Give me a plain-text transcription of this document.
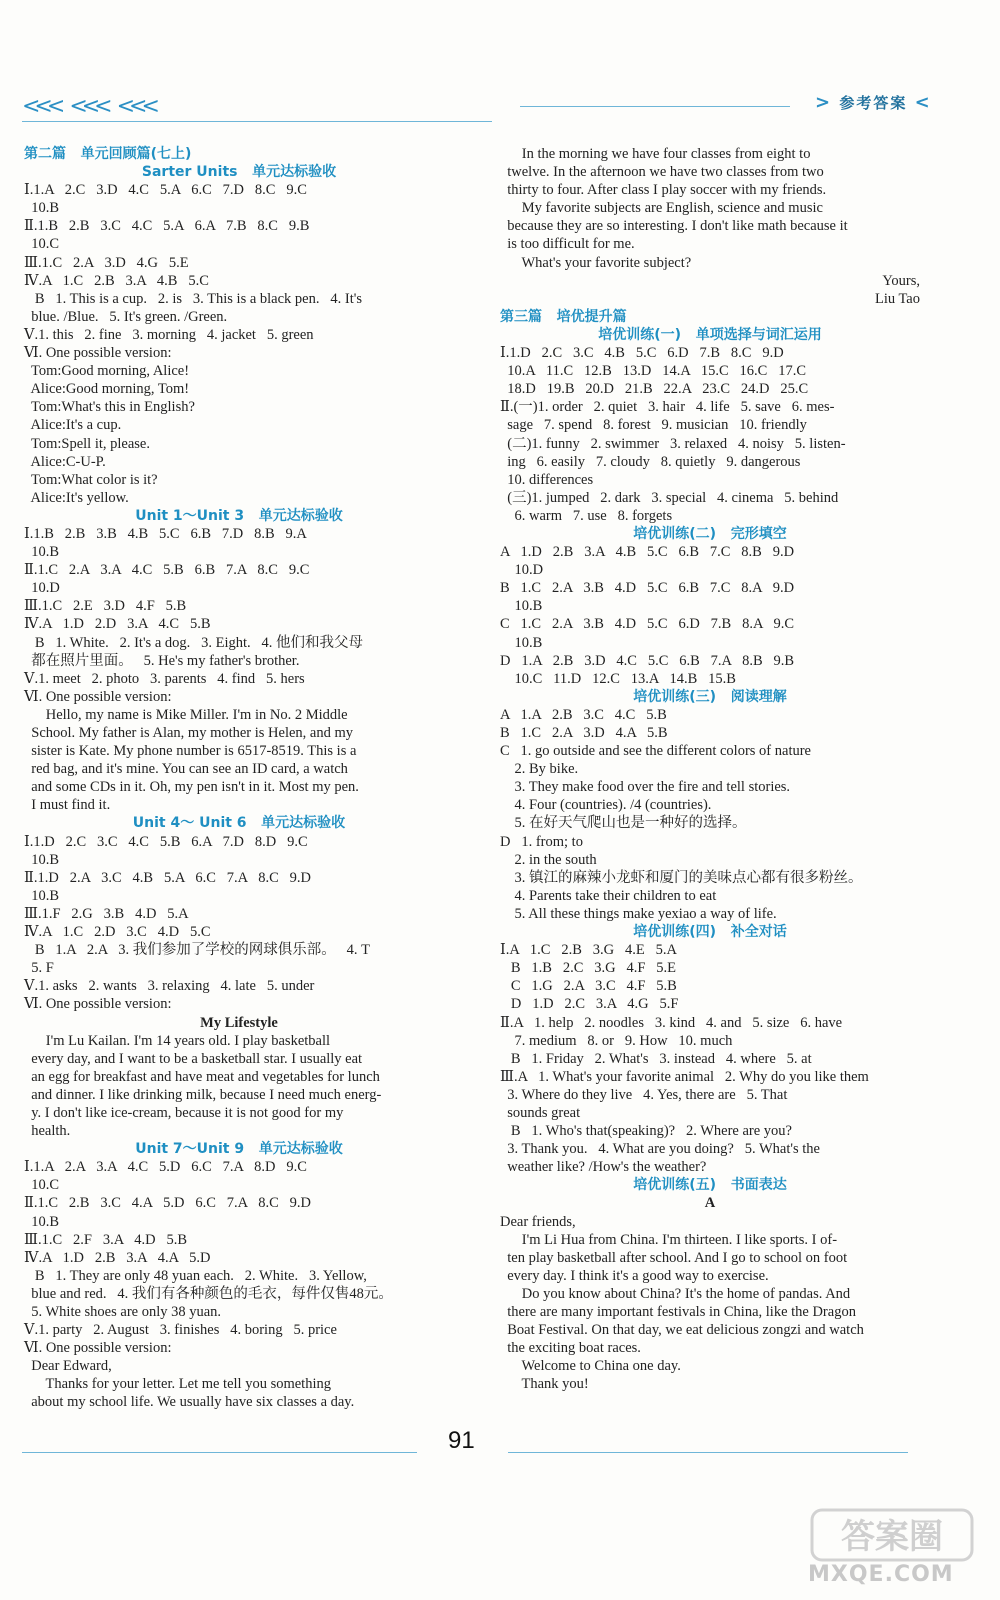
<<< <<< <<<	> 参考答案 <
第二篇   单元回顾篇(七上)
Sarter Units   单元达标验收
Ⅰ.1.A   2.C   3.D   4.C   5.A   6.C   7.D   8.C   9.C
10.B
Ⅱ.1.B   2.B   3.C   4.C   5.A   6.A   7.B   8.C   9.B
10.C
Ⅲ.1.C   2.A   3.D   4.G   5.E
Ⅳ.A   1.C   2.B   3.A   4.B   5.C
B   1. This is a cup.   2. is   3. This is a black pen.   4. It's
blue. /Blue.   5. It's green. /Green.
Ⅴ.1. this   2. fine   3. morning   4. jacket   5. green
Ⅵ. One possible version:
Tom:Good morning, Alice!
Alice:Good morning, Tom!
Tom:What's this in English?
Alice:It's a cup.
Tom:Spell it, please.
Alice:C-U-P.
Tom:What color is it?
Alice:It's yellow.
Unit 1～Unit 3   单元达标验收
Ⅰ.1.B   2.B   3.B   4.B   5.C   6.B   7.D   8.B   9.A
10.B
Ⅱ.1.C   2.A   3.A   4.C   5.B   6.B   7.A   8.C   9.C
10.D
Ⅲ.1.C   2.E   3.D   4.F   5.B
Ⅳ.A   1.D   2.D   3.A   4.C   5.B
B   1. White.   2. It's a dog.   3. Eight.   4. 他们和我父母
都在照片里面。   5. He's my father's brother.
Ⅴ.1. meet   2. photo   3. parents   4. find   5. hers
Ⅵ. One possible version:
Hello, my name is Mike Miller. I'm in No. 2 Middle
School. My father is Alan, my mother is Helen, and my
sister is Kate. My phone number is 6517-8519. This is a
red bag, and it's mine. You can see an ID card, a watch
and some CDs in it. Oh, my pen isn't in it. Most my pen.
I must find it.
Unit 4～ Unit 6   单元达标验收
Ⅰ.1.D   2.C   3.C   4.C   5.B   6.A   7.D   8.D   9.C
10.B
Ⅱ.1.D   2.A   3.C   4.B   5.A   6.C   7.A   8.C   9.D
10.B
Ⅲ.1.F   2.G   3.B   4.D   5.A
Ⅳ.A   1.C   2.D   3.C   4.D   5.C
B   1.A   2.A   3. 我们参加了学校的网球俱乐部。   4. T
5. F
Ⅴ.1. asks   2. wants   3. relaxing   4. late   5. under
Ⅵ. One possible version:
My Lifestyle
I'm Lu Kailan. I'm 14 years old. I play basketball
every day, and I want to be a basketball star. I usually eat
an egg for breakfast and have meat and vegetables for lunch
and dinner. I like drinking milk, because I need much energ-
y. I don't like ice-cream, because it is not good for my
health.
Unit 7～Unit 9   单元达标验收
Ⅰ.1.A   2.A   3.A   4.C   5.D   6.C   7.A   8.D   9.C
10.C
Ⅱ.1.C   2.B   3.C   4.A   5.D   6.C   7.A   8.C   9.D
10.B
Ⅲ.1.C   2.F   3.A   4.D   5.B
Ⅳ.A   1.D   2.B   3.A   4.A   5.D
B   1. They are only 48 yuan each.   2. White.   3. Yellow,
blue and red.   4. 我们有各种颜色的毛衣，每件仅售48元。
5. White shoes are only 38 yuan.
Ⅴ.1. party   2. August   3. finishes   4. boring   5. price
Ⅵ. One possible version:
Dear Edward,
Thanks for your letter. Let me tell you something
about my school life. We usually have six classes a day.
In the morning we have four classes from eight to
twelve. In the afternoon we have two classes from two
thirty to four. After class I play soccer with my friends.
My favorite subjects are English, science and music
because they are so interesting. I don't like math because it
is too difficult for me.
What's your favorite subject?
Yours,
Liu Tao
第三篇   培优提升篇
培优训练(一)   单项选择与词汇运用
Ⅰ.1.D   2.C   3.C   4.B   5.C   6.D   7.B   8.C   9.D
10.A   11.C   12.B   13.D   14.A   15.C   16.C   17.C
18.D   19.B   20.D   21.B   22.A   23.C   24.D   25.C
Ⅱ.(一)1. order   2. quiet   3. hair   4. life   5. save   6. mes-
sage   7. spend   8. forest   9. musician   10. friendly
(二)1. funny   2. swimmer   3. relaxed   4. noisy   5. listen-
ing   6. easily   7. cloudy   8. quietly   9. dangerous
10. differences
(三)1. jumped   2. dark   3. special   4. cinema   5. behind
6. warm   7. use   8. forgets
培优训练(二)   完形填空
A   1.D   2.B   3.A   4.B   5.C   6.B   7.C   8.B   9.D
10.D
B   1.C   2.A   3.B   4.D   5.C   6.B   7.C   8.A   9.D
10.B
C   1.C   2.A   3.B   4.D   5.C   6.D   7.B   8.A   9.C
10.B
D   1.A   2.B   3.D   4.C   5.C   6.B   7.A   8.B   9.B
10.C   11.D   12.C   13.A   14.B   15.B
培优训练(三)   阅读理解
A   1.A   2.B   3.C   4.C   5.B
B   1.C   2.A   3.D   4.A   5.B
C   1. go outside and see the different colors of nature
2. By bike.
3. They make food over the fire and tell stories.
4. Four (countries). /4 (countries).
5. 在好天气爬山也是一种好的选择。
D   1. from; to
2. in the south
3. 镇江的麻辣小龙虾和厦门的美味点心都有很多粉丝。
4. Parents take their children to eat
5. All these things make yexiao a way of life.
培优训练(四)   补全对话
Ⅰ.A   1.C   2.B   3.G   4.E   5.A
B   1.B   2.C   3.G   4.F   5.E
C   1.G   2.A   3.C   4.F   5.B
D   1.D   2.C   3.A   4.G   5.F
Ⅱ.A   1. help   2. noodles   3. kind   4. and   5. size   6. have
7. medium   8. or   9. How   10. much
B   1. Friday   2. What's   3. instead   4. where   5. at
Ⅲ.A   1. What's your favorite animal   2. Why do you like them
3. Where do they live   4. Yes, there are   5. That
sounds great
B   1. Who's that(speaking)?   2. Where are you?
3. Thank you.   4. What are you doing?   5. What's the
weather like? /How's the weather?
培优训练(五)   书面表达
A
Dear friends,
I'm Li Hua from China. I'm thirteen. I like sports. I of-
ten play basketball after school. And I go to school on foot
every day. I think it's a good way to exercise.
Do you know about China? It's the home of pandas. And
there are many important festivals in China, like the Dragon
Boat Festival. On that day, we eat delicious zongzi and watch
the exciting boat races.
Welcome to China one day.
Thank you!
91
答案圈
MXQE.COM
